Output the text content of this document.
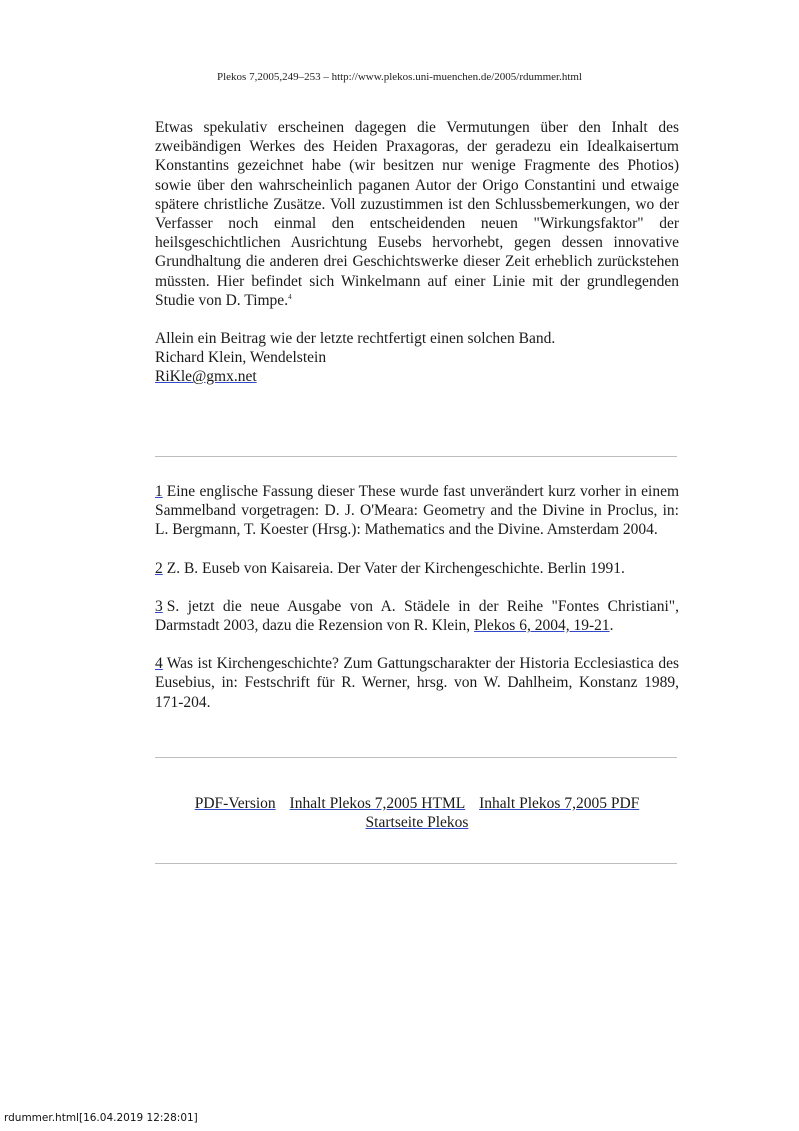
Plekos 7,2005,249–253 – http://www.plekos.uni-muenchen.de/2005/rdummer.html

Etwas spekulativ erscheinen dagegen die Vermutungen über den Inhalt des zweibändigen Werkes des Heiden Praxagoras, der geradezu ein Idealkaisertum Konstantins gezeichnet habe (wir besitzen nur wenige Fragmente des Photios) sowie über den wahrscheinlich paganen Autor der Origo Constantini und etwaige spätere christliche Zusätze. Voll zuzustimmen ist den Schlussbemerkungen, wo der Verfasser noch einmal den entscheidenden neuen "Wirkungsfaktor" der heilsgeschichtlichen Ausrichtung Eusebs hervorhebt, gegen dessen innovative Grundhaltung die anderen drei Geschichtswerke dieser Zeit erheblich zurückstehen müssten. Hier befindet sich Winkelmann auf einer Linie mit der grundlegenden Studie von D. Timpe.$^4$

Allein ein Beitrag wie der letzte rechtfertigt einen solchen Band.

Richard Klein, Wendelstein

RiKle@gmx.net

1 Eine englische Fassung dieser These wurde fast unverändert kurz vorher in einem Sammelband vorgetragen: D. J. O'Meara: Geometry and the Divine in Proclus, in: L. Bergmann, T. Koester (Hrsg.): Mathematics and the Divine. Amsterdam 2004.

2 Z. B. Euseb von Kaisareia. Der Vater der Kirchengeschichte. Berlin 1991.

3 S. jetzt die neue Ausgabe von A. Städele in der Reihe "Fontes Christiani", Darmstadt 2003, dazu die Rezension von R. Klein, Plekos 6, 2004, 19-21.

4 Was ist Kirchengeschichte? Zum Gattungscharakter der Historia Ecclesiastica des Eusebius, in: Festschrift für R. Werner, hrsg. von W. Dahlheim, Konstanz 1989, 171-204.

PDF-Version Inhalt Plekos 7,2005 HTML Inhalt Plekos 7,2005 PDF
Startseite Plekos
rdummer.html[16.04.2019 12:28:01]
